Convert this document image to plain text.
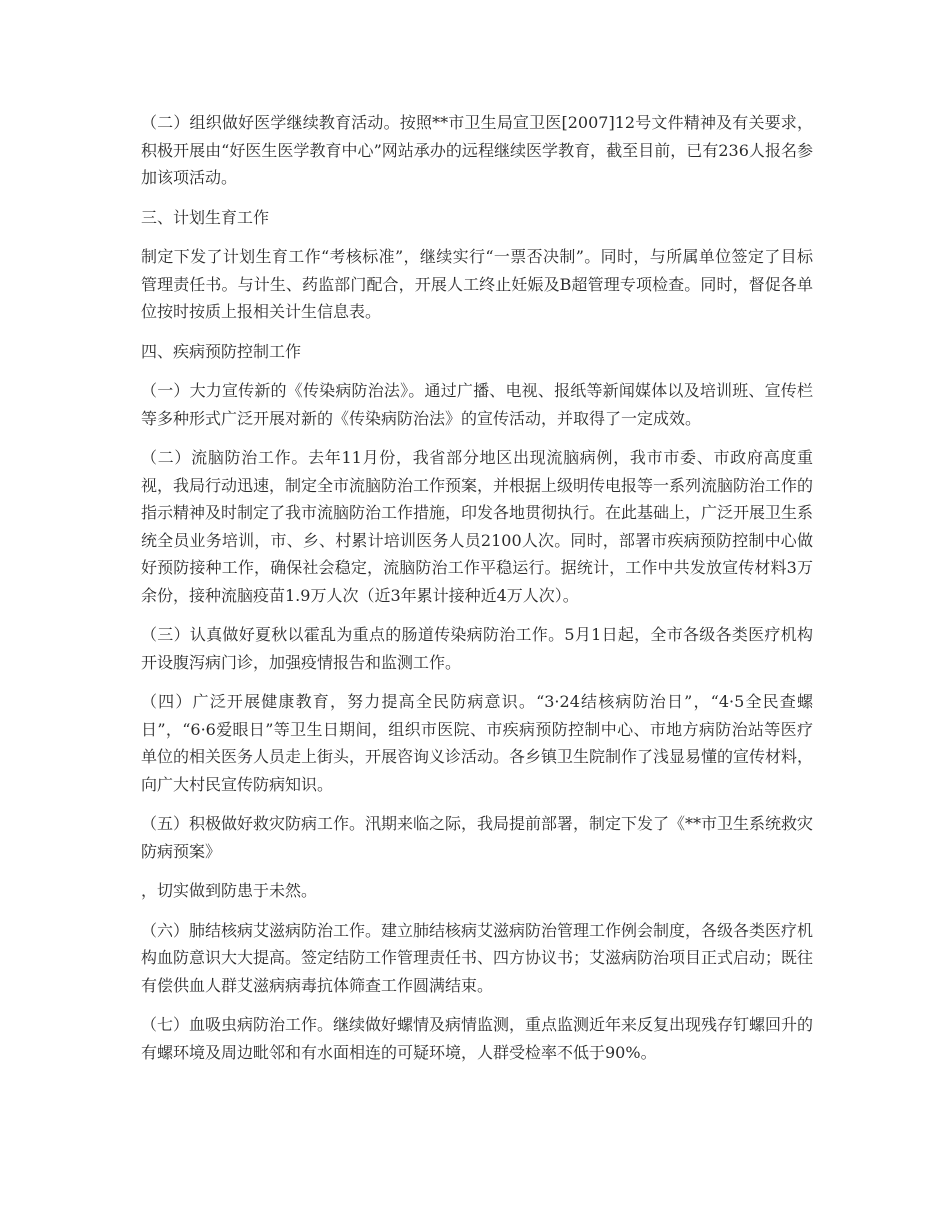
（二）组织做好医学继续教育活动。按照**市卫生局宣卫医[2007]12号文件精神及有关要求，积极开展由“好医生医学教育中心”网站承办的远程继续医学教育，截至目前，已有236人报名参加该项活动。

三、计划生育工作

制定下发了计划生育工作“考核标准”，继续实行“一票否决制”。同时，与所属单位签定了目标管理责任书。与计生、药监部门配合，开展人工终止妊娠及B超管理专项检查。同时，督促各单位按时按质上报相关计生信息表。

四、疾病预防控制工作

（一）大力宣传新的《传染病防治法》。通过广播、电视、报纸等新闻媒体以及培训班、宣传栏等多种形式广泛开展对新的《传染病防治法》的宣传活动，并取得了一定成效。

（二）流脑防治工作。去年11月份，我省部分地区出现流脑病例，我市市委、市政府高度重视，我局行动迅速，制定全市流脑防治工作预案，并根据上级明传电报等一系列流脑防治工作的指示精神及时制定了我市流脑防治工作措施，印发各地贯彻执行。在此基础上，广泛开展卫生系统全员业务培训，市、乡、村累计培训医务人员2100人次。同时，部署市疾病预防控制中心做好预防接种工作，确保社会稳定，流脑防治工作平稳运行。据统计，工作中共发放宣传材料3万余份，接种流脑疫苗1.9万人次（近3年累计接种近4万人次）。

（三）认真做好夏秋以霍乱为重点的肠道传染病防治工作。5月1日起，全市各级各类医疗机构开设腹泻病门诊，加强疫情报告和监测工作。

（四）广泛开展健康教育，努力提高全民防病意识。“3·24结核病防治日”，“4·5全民查螺日”，“6·6爱眼日”等卫生日期间，组织市医院、市疾病预防控制中心、市地方病防治站等医疗单位的相关医务人员走上街头，开展咨询义诊活动。各乡镇卫生院制作了浅显易懂的宣传材料，向广大村民宣传防病知识。

（五）积极做好救灾防病工作。汛期来临之际，我局提前部署，制定下发了《**市卫生系统救灾防病预案》

，切实做到防患于未然。

（六）肺结核病艾滋病防治工作。建立肺结核病艾滋病防治管理工作例会制度，各级各类医疗机构血防意识大大提高。签定结防工作管理责任书、四方协议书；艾滋病防治项目正式启动；既往有偿供血人群艾滋病病毒抗体筛查工作圆满结束。

（七）血吸虫病防治工作。继续做好螺情及病情监测，重点监测近年来反复出现残存钉螺回升的有螺环境及周边毗邻和有水面相连的可疑环境，人群受检率不低于90%。
